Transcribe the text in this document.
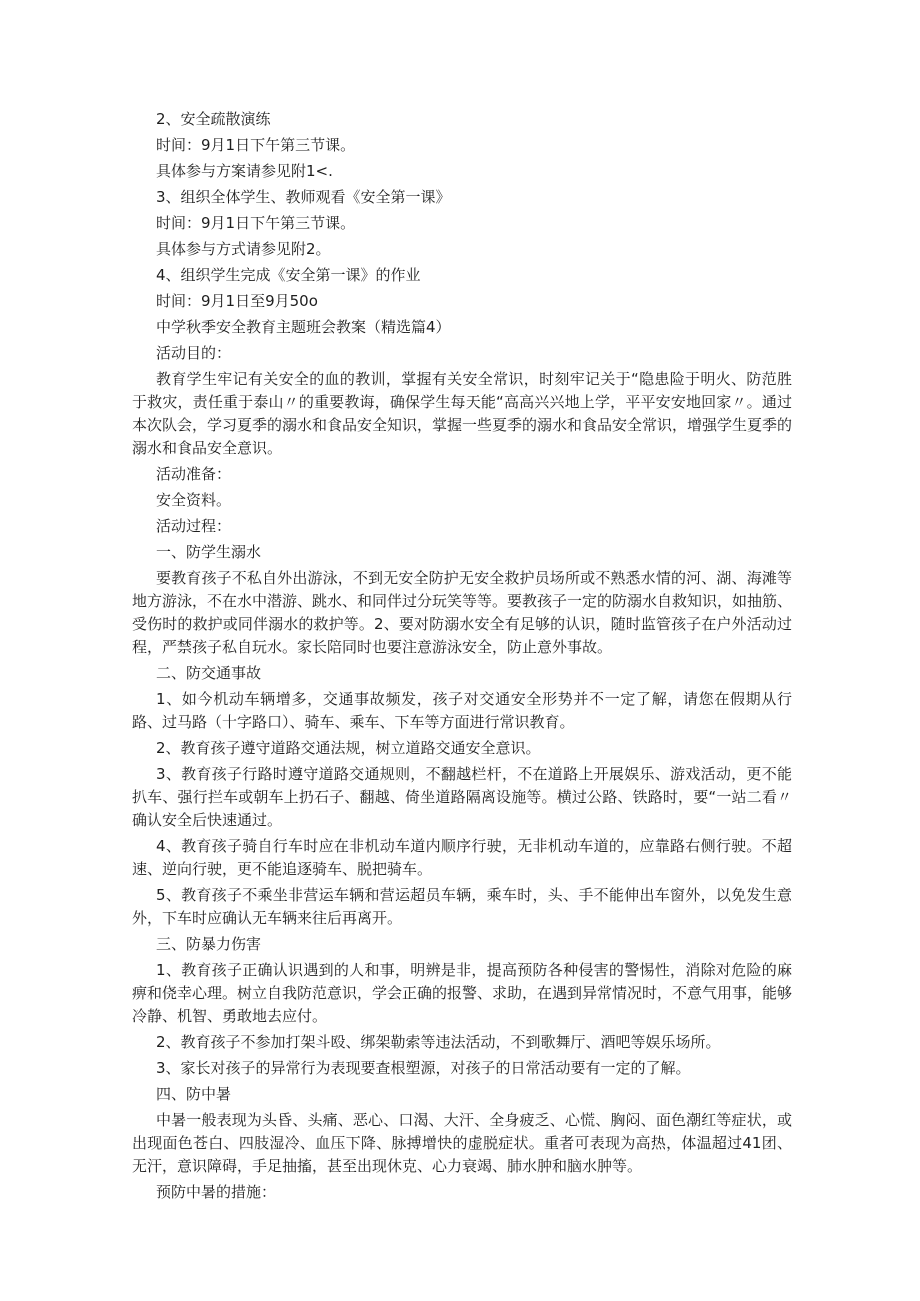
2、安全疏散演练

时间：9月1日下午第三节课。

具体参与方案请参见附1<.

3、组织全体学生、教师观看《安全第一课》

时间：9月1日下午第三节课。

具体参与方式请参见附2。

4、组织学生完成《安全第一课》的作业

时间：9月1日至9月50o

中学秋季安全教育主题班会教案（精选篇4）

活动目的：

教育学生牢记有关安全的血的教训，掌握有关安全常识，时刻牢记关于“隐患险于明火、防范胜于救灾，责任重于泰山〃的重要教诲，确保学生每天能“高高兴兴地上学，平平安安地回家〃。通过本次队会，学习夏季的溺水和食品安全知识，掌握一些夏季的溺水和食品安全常识，增强学生夏季的溺水和食品安全意识。

活动准备：

安全资料。

活动过程：

一、防学生溺水

要教育孩子不私自外出游泳，不到无安全防护无安全救护员场所或不熟悉水情的河、湖、海滩等地方游泳，不在水中潜游、跳水、和同伴过分玩笑等等。要教孩子一定的防溺水自救知识，如抽筋、受伤时的救护或同伴溺水的救护等。2、要对防溺水安全有足够的认识，随时监管孩子在户外活动过程，严禁孩子私自玩水。家长陪同时也要注意游泳安全，防止意外事故。

二、防交通事故

1、如今机动车辆增多，交通事故频发，孩子对交通安全形势并不一定了解，请您在假期从行路、过马路（十字路口）、骑车、乘车、下车等方面进行常识教育。

2、教育孩子遵守道路交通法规，树立道路交通安全意识。

3、教育孩子行路时遵守道路交通规则，不翻越栏杆，不在道路上开展娱乐、游戏活动，更不能扒车、强行拦车或朝车上扔石子、翻越、倚坐道路隔离设施等。横过公路、铁路时，要“一站二看〃确认安全后快速通过。

4、教育孩子骑自行车时应在非机动车道内顺序行驶，无非机动车道的，应靠路右侧行驶。不超速、逆向行驶，更不能追逐骑车、脱把骑车。

5、教育孩子不乘坐非营运车辆和营运超员车辆，乘车时，头、手不能伸出车窗外，以免发生意外，下车时应确认无车辆来往后再离开。

三、防暴力伤害

1、教育孩子正确认识遇到的人和事，明辨是非，提高预防各种侵害的警惕性，消除对危险的麻痹和侥幸心理。树立自我防范意识，学会正确的报警、求助，在遇到异常情况时，不意气用事，能够冷静、机智、勇敢地去应付。

2、教育孩子不参加打架斗殴、绑架勒索等违法活动，不到歌舞厅、酒吧等娱乐场所。

3、家长对孩子的异常行为表现要查根塑源，对孩子的日常活动要有一定的了解。

四、防中暑

中暑一般表现为头昏、头痛、恶心、口渴、大汗、全身疲乏、心慌、胸闷、面色潮红等症状，或出现面色苍白、四肢湿冷、血压下降、脉搏增快的虚脱症状。重者可表现为高热，体温超过41团、无汗，意识障碍，手足抽搐，甚至出现休克、心力衰竭、肺水肿和脑水肿等。

预防中暑的措施：
